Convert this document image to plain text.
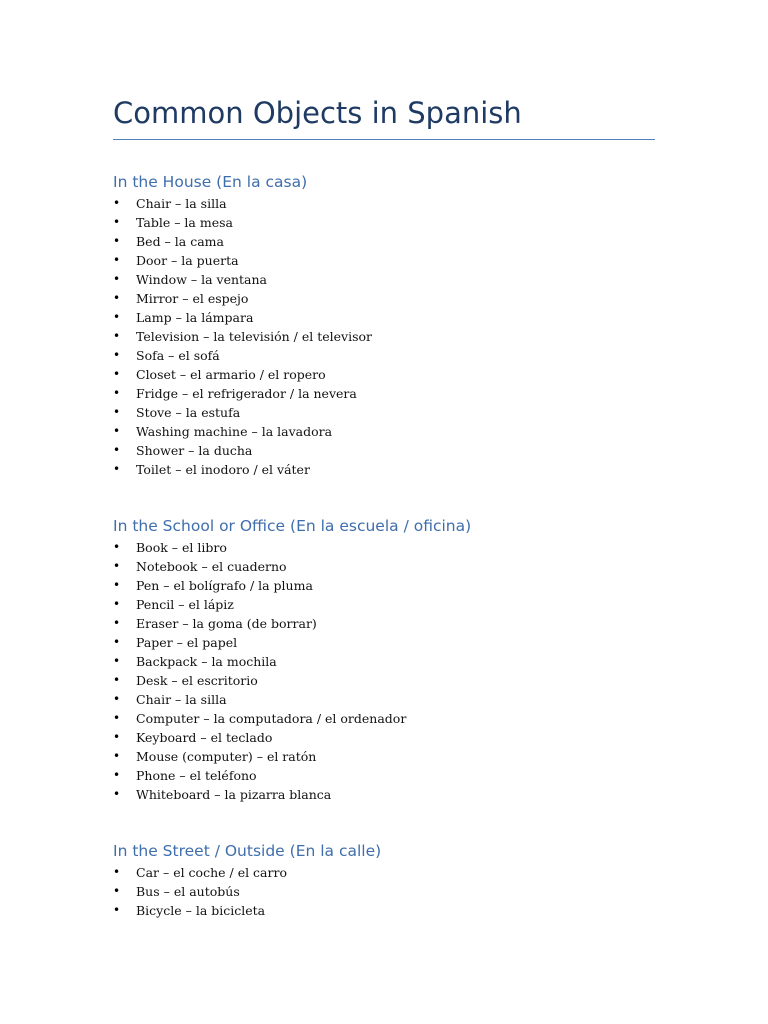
Common Objects in Spanish
In the House (En la casa)
• Chair – la silla
• Table – la mesa
• Bed – la cama
• Door – la puerta
• Window – la ventana
• Mirror – el espejo
• Lamp – la lámpara
• Television – la televisión / el televisor
• Sofa – el sofá
• Closet – el armario / el ropero
• Fridge – el refrigerador / la nevera
• Stove – la estufa
• Washing machine – la lavadora
• Shower – la ducha
• Toilet – el inodoro / el váter
In the School or Office (En la escuela / oficina)
• Book – el libro
• Notebook – el cuaderno
• Pen – el bolígrafo / la pluma
• Pencil – el lápiz
• Eraser – la goma (de borrar)
• Paper – el papel
• Backpack – la mochila
• Desk – el escritorio
• Chair – la silla
• Computer – la computadora / el ordenador
• Keyboard – el teclado
• Mouse (computer) – el ratón
• Phone – el teléfono
• Whiteboard – la pizarra blanca
In the Street / Outside (En la calle)
• Car – el coche / el carro
• Bus – el autobús
• Bicycle – la bicicleta
